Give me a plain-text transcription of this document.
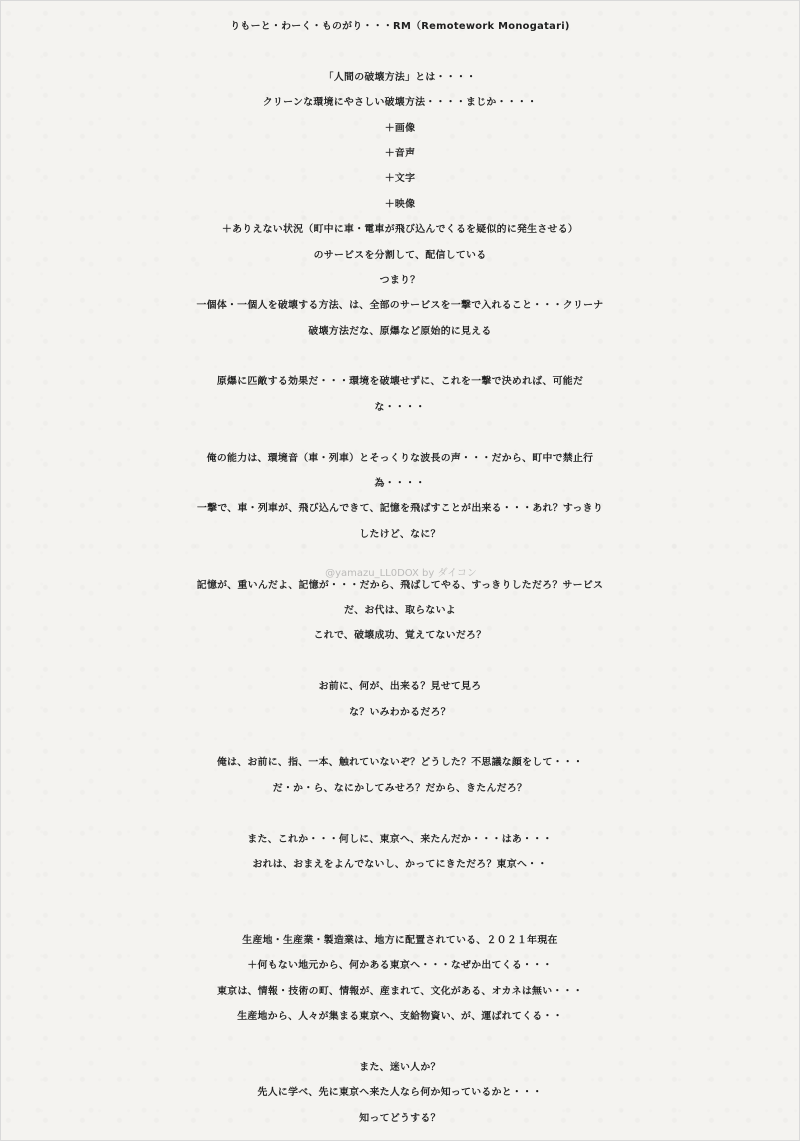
りもーと・わーく・ものがり・・・RM（Remotework Monogatari)
「人間の破壊方法」とは・・・・
クリーンな環境にやさしい破壊方法・・・・まじか・・・・
＋画像
＋音声
＋文字
＋映像
＋ありえない状況（町中に車・電車が飛び込んでくるを疑似的に発生させる）
のサービスを分割して、配信している
つまり？
一個体・一個人を破壊する方法、は、全部のサービスを一撃で入れること・・・クリーナ
破壊方法だな、原爆など原始的に見える
原爆に匹敵する効果だ・・・環境を破壊せずに、これを一撃で決めれば、可能だ
な・・・・
俺の能力は、環境音（車・列車）とそっくりな波長の声・・・だから、町中で禁止行
為・・・・
一撃で、車・列車が、飛び込んできて、記憶を飛ばすことが出来る・・・あれ？すっきり
したけど、なに？
記憶が、重いんだよ、記憶が・・・だから、飛ばしてやる、すっきりしただろ？サービス
だ、お代は、取らないよ
これで、破壊成功、覚えてないだろ？
お前に、何が、出来る？見せて見ろ
な？いみわかるだろ？
俺は、お前に、指、一本、触れていないぞ？どうした？不思議な顔をして・・・
だ・か・ら、なにかしてみせろ？だから、きたんだろ？
また、これか・・・何しに、東京へ、来たんだか・・・はあ・・・
おれは、おまえをよんでないし、かってにきただろ？東京へ・・
生産地・生産業・製造業は、地方に配置されている、２０２１年現在
＋何もない地元から、何かある東京へ・・・なぜか出てくる・・・
東京は、情報・技術の町、情報が、産まれて、文化がある、オカネは無い・・・
生産地から、人々が集まる東京へ、支給物資い、が、運ばれてくる・・
また、迷い人か？
先人に学べ、先に東京へ来た人なら何か知っているかと・・・
知ってどうする？
@yamazu_LL0DOX by ダイコン
